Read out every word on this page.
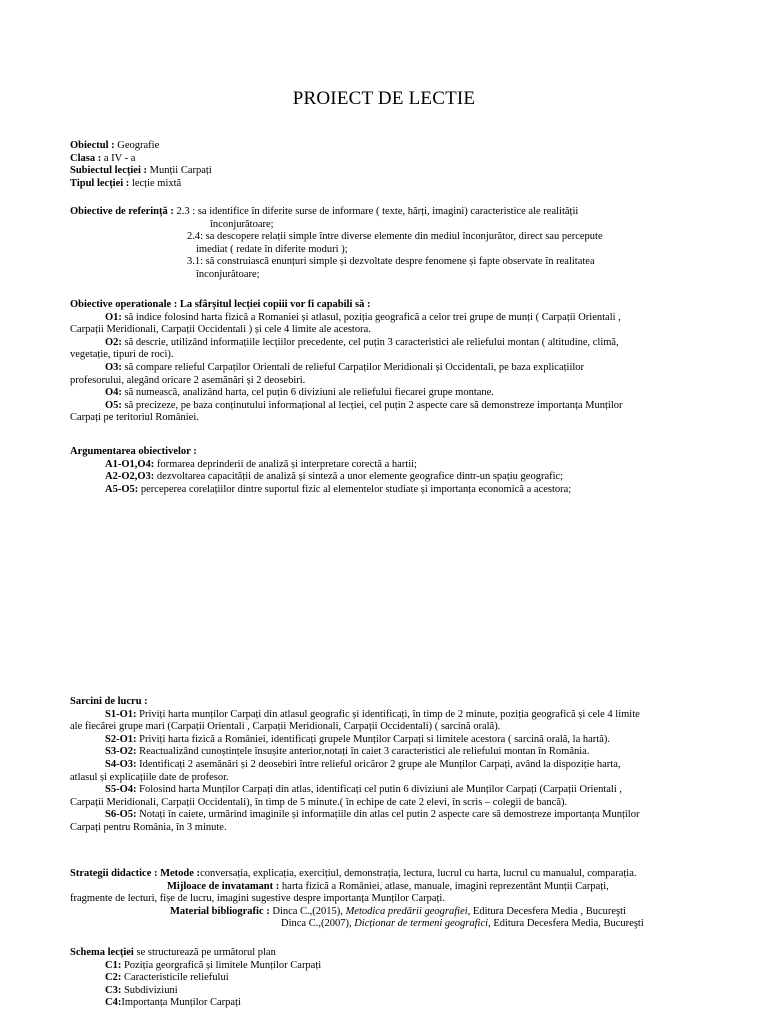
PROIECT DE LECTIE
Obiectul : Geografie
Clasa : a IV - a
Subiectul lecției : Munții Carpați
Tipul lecției : lecție mixtă
Obiective de referință : 2.3 : sa identifice în diferite surse de informare ( texte, hărți, imagini) caracteristice ale realității
înconjurătoare;
2.4: sa descopere relații simple între diverse elemente din mediul înconjurător, direct sau percepute
imediat ( redate în diferite moduri );
3.1: să construiască enunțuri simple și dezvoltate despre fenomene și fapte observate în realitatea
înconjurătoare;
Obiective operationale : La sfârșitul lecției copiii vor fi capabili să :
O1: să indice folosind harta fizică a Romaniei și atlasul, poziția geografică a celor trei grupe de munți ( Carpații Orientali ,
Carpații Meridionali, Carpații Occidentali ) și cele 4 limite ale acestora.
O2: să descrie, utilizând informațiile lecțiilor precedente, cel puțin 3 caracteristici ale reliefului montan ( altitudine, climă,
vegetație, tipuri de roci).
O3: să compare relieful Carpaților Orientali de relieful Carpaților Meridionali și Occidentali, pe baza explicațiilor
profesorului, alegând oricare 2 asemănări și 2 deosebiri.
O4: să numească, analizând harta, cel puțin 6 diviziuni ale reliefului fiecarei grupe montane.
O5: să precizeze, pe baza conținutului informațional al lecției, cel puțin 2 aspecte care să demonstreze importanța Munților
Carpați pe teritoriul României.
Argumentarea obiectivelor :
A1-O1,O4: formarea deprinderii de analiză și interpretare corectă a hartii;
A2-O2,O3: dezvoltarea capacității de analiză și sinteză a unor elemente geografice dintr-un spațiu geografic;
A5-O5: perceperea corelațiilor dintre suportul fizic al elementelor studiate și importanța economică a acestora;
Sarcini de lucru :
S1-O1: Priviți harta munților Carpați din atlasul geografic și identificați, în timp de 2 minute, poziția geografică și cele 4 limite
ale fiecărei grupe mari (Carpații Orientali , Carpații Meridionali, Carpații Occidentali) ( sarcină orală).
S2-O1: Priviți harta fizică a României, identificați grupele Munților Carpați si limitele acestora ( sarcină orală, la hartă).
S3-O2: Reactualizând cunoștințele însușite anterior,notați în caiet 3 caracteristici ale reliefului montan în România.
S4-O3: Identificați 2 asemănări și 2 deosebiri între relieful oricăror 2 grupe ale Munților Carpați, având la dispoziție harta,
atlasul și explicațiile date de profesor.
S5-O4: Folosind harta Munților Carpați din atlas, identificați cel putin 6 diviziuni ale Munților Carpați (Carpații Orientali ,
Carpații Meridionali, Carpații Occidentali), în timp de 5 minute.( în echipe de cate 2 elevi, în scris – colegii de bancă).
S6-O5: Notați în caiete, urmărind imaginile și informațiile din atlas cel putin 2 aspecte care să demostreze importanța Munților
Carpați pentru România, în 3 minute.
Strategii didactice : Metode :conversația, explicația, exercițiul, demonstrația, lectura, lucrul cu harta, lucrul cu manualul, comparația.
Mijloace de invatamant : harta fizică a României, atlase, manuale, imagini reprezentânt Munții Carpați,
fragmente de lecturi, fișe de lucru, imagini sugestive despre importanța Munților Carpați.
Material bibliografic : Dinca C.,(2015), Metodica predării geografiei, Editura Decesfera Media , Bucureşti
Dinca C.,(2007), Dicționar de termeni geografici, Editura Decesfera Media, Bucureşti
Schema lecției se structurează pe următorul plan
C1: Poziția georgrafică și limitele Munților Carpați
C2: Caracteristicile reliefului
C3: Subdiviziuni
C4:Importanța Munților Carpați
